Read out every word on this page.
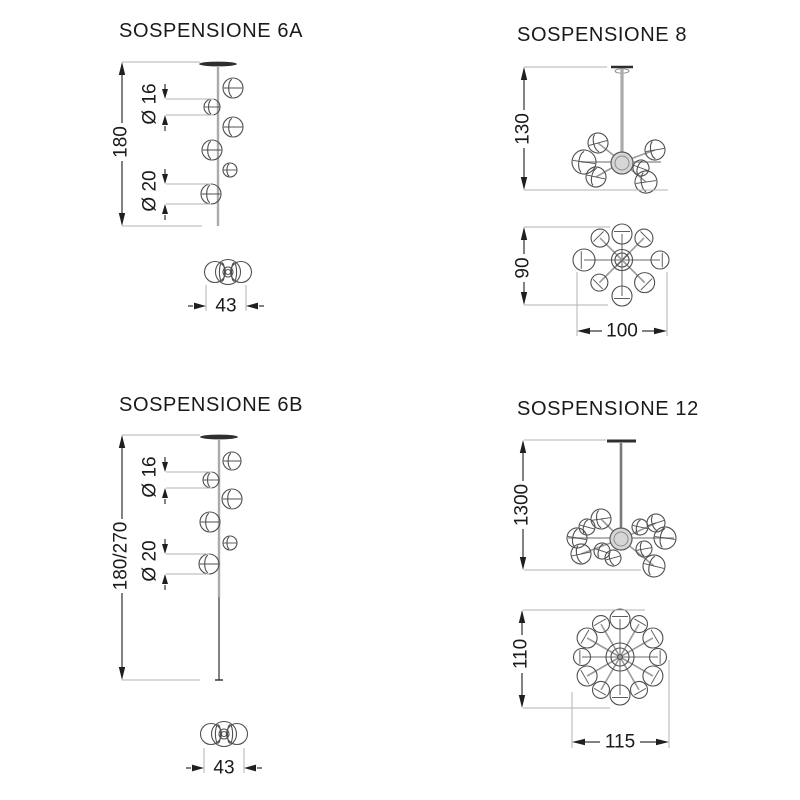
SOSPENSIONE 6A
180
Ø 16
Ø 20
43
SOSPENSIONE 8
130
90
100
SOSPENSIONE 6B
180/270
Ø 16
Ø 20
43
SOSPENSIONE 12
1300
110
115
